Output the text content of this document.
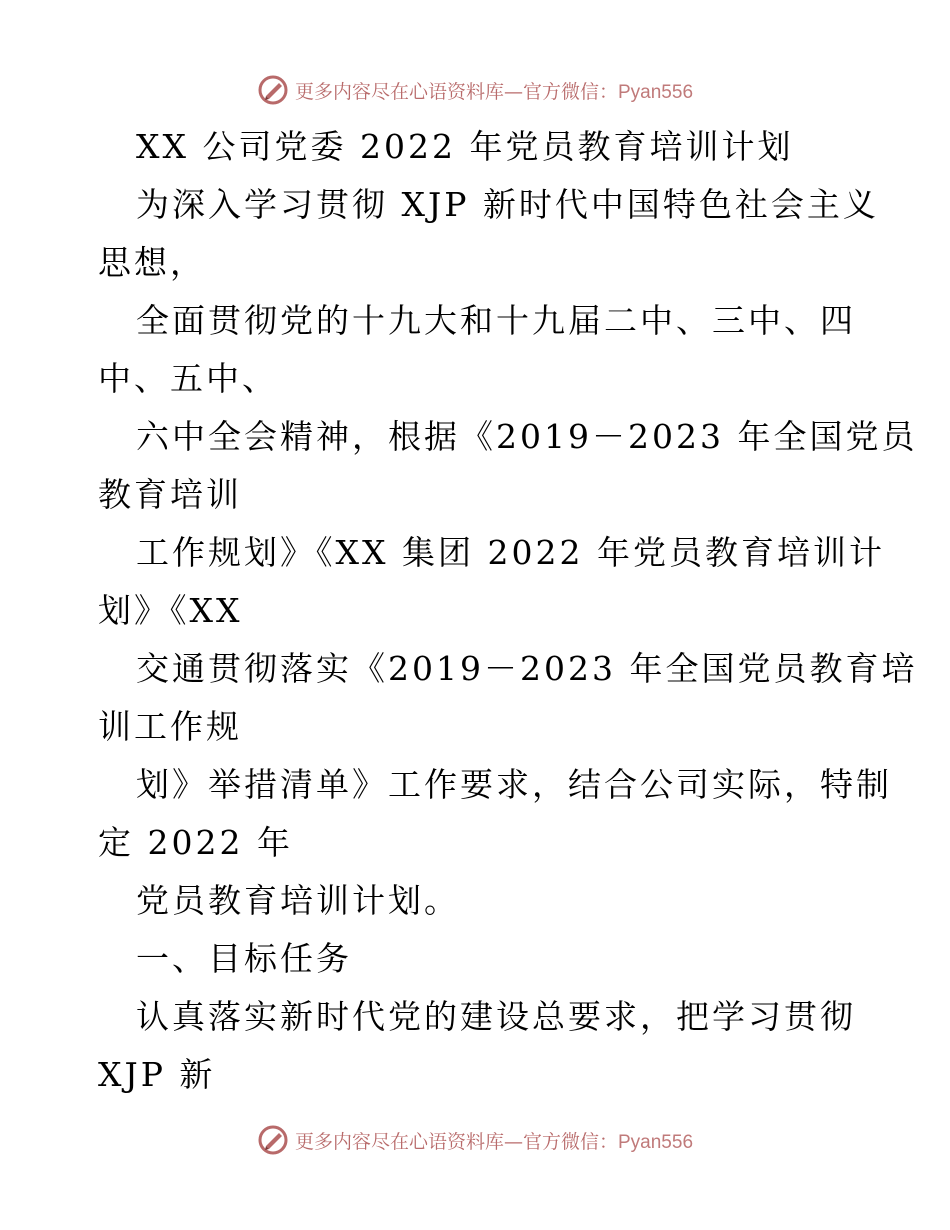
更多内容尽在心语资料库—官方微信：Pyan556
XX 公司党委 2022 年党员教育培训计划
为深入学习贯彻 XJP 新时代中国特色社会主义
思想，
全面贯彻党的十九大和十九届二中、三中、四
中、五中、
六中全会精神，根据《2019－2023 年全国党员
教育培训
工作规划》《XX 集团 2022 年党员教育培训计
划》《XX
交通贯彻落实《2019－2023 年全国党员教育培
训工作规
划》举措清单》工作要求，结合公司实际，特制
定 2022 年
党员教育培训计划。
一、目标任务
认真落实新时代党的建设总要求，把学习贯彻
XJP 新
更多内容尽在心语资料库—官方微信：Pyan556
